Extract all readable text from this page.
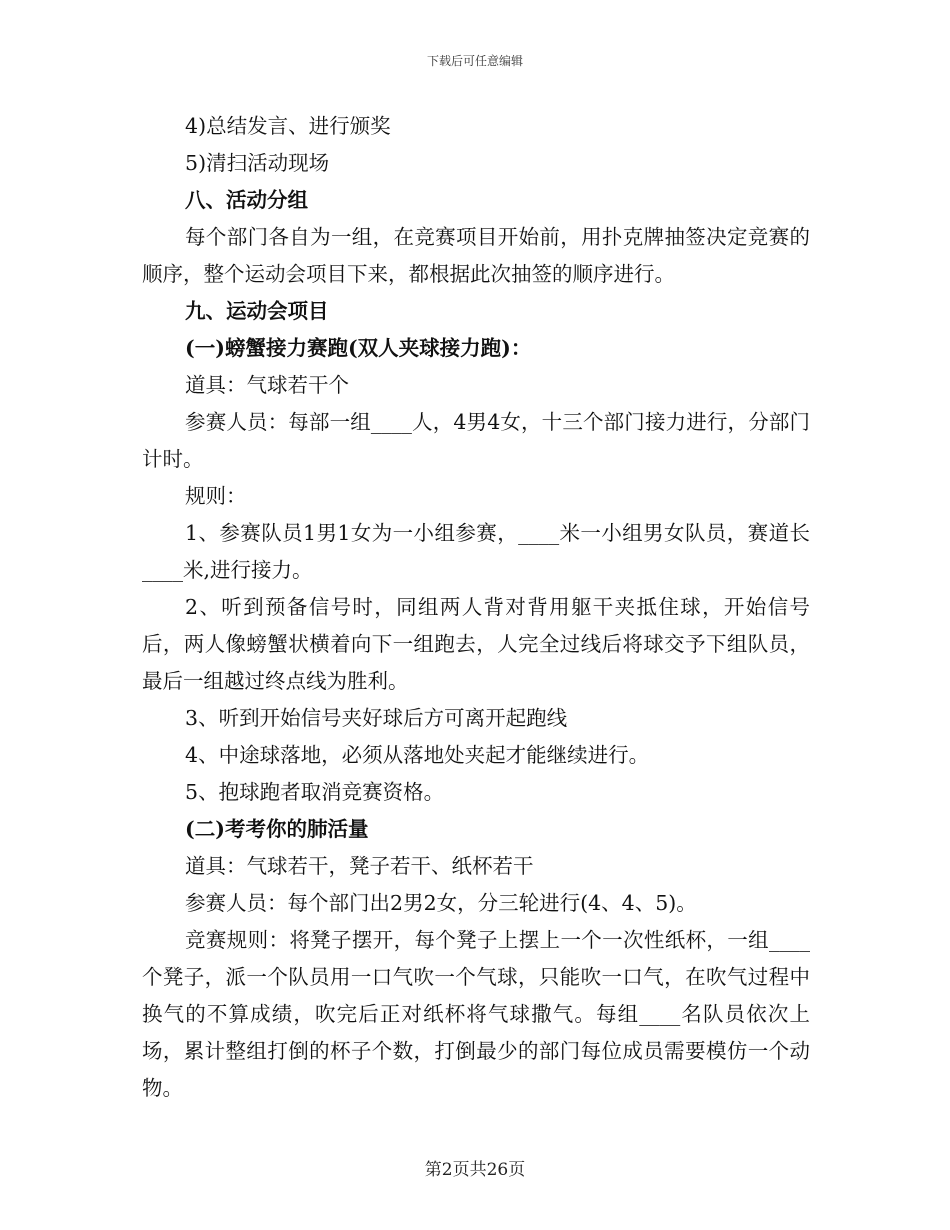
下载后可任意编辑

4)总结发言、进行颁奖

5)清扫活动现场

八、活动分组

每个部门各自为一组，在竞赛项目开始前，用扑克牌抽签决定竞赛的顺序，整个运动会项目下来，都根据此次抽签的顺序进行。

九、运动会项目

(一)螃蟹接力赛跑(双人夹球接力跑)：

道具：气球若干个

参赛人员：每部一组____人，4男4女，十三个部门接力进行，分部门计时。

规则：

1、参赛队员1男1女为一小组参赛，____米一小组男女队员，赛道长____米,进行接力。

2、听到预备信号时，同组两人背对背用躯干夹抵住球，开始信号后，两人像螃蟹状横着向下一组跑去，人完全过线后将球交予下组队员，最后一组越过终点线为胜利。

3、听到开始信号夹好球后方可离开起跑线

4、中途球落地，必须从落地处夹起才能继续进行。

5、抱球跑者取消竞赛资格。

(二)考考你的肺活量

道具：气球若干，凳子若干、纸杯若干

参赛人员：每个部门出2男2女，分三轮进行(4、4、5)。

竞赛规则：将凳子摆开，每个凳子上摆上一个一次性纸杯，一组____个凳子，派一个队员用一口气吹一个气球，只能吹一口气，在吹气过程中换气的不算成绩，吹完后正对纸杯将气球撒气。每组____名队员依次上场，累计整组打倒的杯子个数，打倒最少的部门每位成员需要模仿一个动物。

第2页共26页
